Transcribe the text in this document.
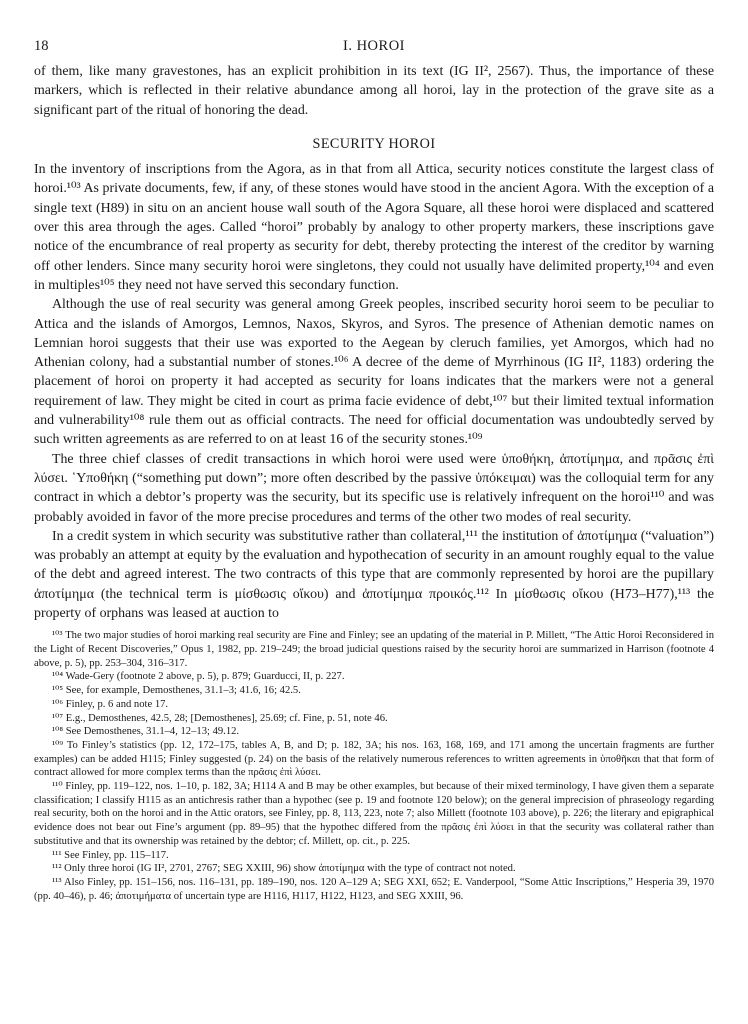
18	I. HOROI

of them, like many gravestones, has an explicit prohibition in its text (IG II², 2567). Thus, the importance of these markers, which is reflected in their relative abundance among all horoi, lay in the protection of the grave site as a significant part of the ritual of honoring the dead.

SECURITY HOROI

In the inventory of inscriptions from the Agora, as in that from all Attica, security notices constitute the largest class of horoi.¹⁰³ As private documents, few, if any, of these stones would have stood in the ancient Agora. With the exception of a single text (H89) in situ on an ancient house wall south of the Agora Square, all these horoi were displaced and scattered over this area through the ages. Called “horoi” probably by analogy to other property markers, these inscriptions gave notice of the encumbrance of real property as security for debt, thereby protecting the interest of the creditor by warning off other lenders. Since many security horoi were singletons, they could not usually have delimited property,¹⁰⁴ and even in multiples¹⁰⁵ they need not have served this secondary function.

Although the use of real security was general among Greek peoples, inscribed security horoi seem to be peculiar to Attica and the islands of Amorgos, Lemnos, Naxos, Skyros, and Syros. The presence of Athenian demotic names on Lemnian horoi suggests that their use was exported to the Aegean by cleruch families, yet Amorgos, which had no Athenian colony, had a substantial number of stones.¹⁰⁶ A decree of the deme of Myrrhinous (IG II², 1183) ordering the placement of horoi on property it had accepted as security for loans indicates that the markers were not a general requirement of law. They might be cited in court as prima facie evidence of debt,¹⁰⁷ but their limited textual information and vulnerability¹⁰⁸ rule them out as official contracts. The need for official documentation was undoubtedly served by such written agreements as are referred to on at least 16 of the security stones.¹⁰⁹

The three chief classes of credit transactions in which horoi were used were ὑποθήκη, ἀποτίμημα, and πρᾶσις ἐπὶ λύσει. ῾Υποθήκη (“something put down”; more often described by the passive ὑπόκειμαι) was the colloquial term for any contract in which a debtor’s property was the security, but its specific use is relatively infrequent on the horoi¹¹⁰ and was probably avoided in favor of the more precise procedures and terms of the other two modes of real security.

In a credit system in which security was substitutive rather than collateral,¹¹¹ the institution of ἀποτίμημα (“valuation”) was probably an attempt at equity by the evaluation and hypothecation of security in an amount roughly equal to the value of the debt and agreed interest. The two contracts of this type that are commonly represented by horoi are the pupillary ἀποτίμημα (the technical term is μίσθωσις οἴκου) and ἀποτίμημα προικός.¹¹² In μίσθωσις οἴκου (H73–H77),¹¹³ the property of orphans was leased at auction to

¹⁰³ The two major studies of horoi marking real security are Fine and Finley; see an updating of the material in P. Millett, “The Attic Horoi Reconsidered in the Light of Recent Discoveries,” Opus 1, 1982, pp. 219–249; the broad judicial questions raised by the security horoi are summarized in Harrison (footnote 4 above, p. 5), pp. 253–304, 316–317.

¹⁰⁴ Wade-Gery (footnote 2 above, p. 5), p. 879; Guarducci, II, p. 227.

¹⁰⁵ See, for example, Demosthenes, 31.1–3; 41.6, 16; 42.5.

¹⁰⁶ Finley, p. 6 and note 17.

¹⁰⁷ E.g., Demosthenes, 42.5, 28; [Demosthenes], 25.69; cf. Fine, p. 51, note 46.

¹⁰⁸ See Demosthenes, 31.1–4, 12–13; 49.12.

¹⁰⁹ To Finley’s statistics (pp. 12, 172–175, tables A, B, and D; p. 182, 3A; his nos. 163, 168, 169, and 171 among the uncertain fragments are further examples) can be added H115; Finley suggested (p. 24) on the basis of the relatively numerous references to written agreements in ὑποθῆκαι that that form of contract allowed for more complex terms than the πρᾶσις ἐπὶ λύσει.

¹¹⁰ Finley, pp. 119–122, nos. 1–10, p. 182, 3A; H114 A and B may be other examples, but because of their mixed terminology, I have given them a separate classification; I classify H115 as an antichresis rather than a hypothec (see p. 19 and footnote 120 below); on the general imprecision of phraseology regarding real security, both on the horoi and in the Attic orators, see Finley, pp. 8, 113, 223, note 7; also Millett (footnote 103 above), p. 226; the literary and epigraphical evidence does not bear out Fine’s argument (pp. 89–95) that the hypothec differed from the πρᾶσις ἐπὶ λύσει in that the security was collateral rather than substitutive and that its ownership was retained by the debtor; cf. Millett, op. cit., p. 225.

¹¹¹ See Finley, pp. 115–117.

¹¹² Only three horoi (IG II², 2701, 2767; SEG XXIII, 96) show ἀποτίμημα with the type of contract not noted.

¹¹³ Also Finley, pp. 151–156, nos. 116–131, pp. 189–190, nos. 120 A–129 A; SEG XXI, 652; E. Vanderpool, “Some Attic Inscriptions,” Hesperia 39, 1970 (pp. 40–46), p. 46; ἀποτιμήματα of uncertain type are H116, H117, H122, H123, and SEG XXIII, 96.
